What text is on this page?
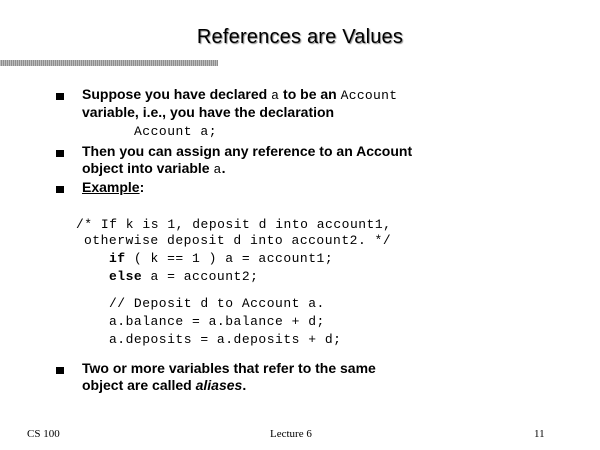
References are Values
Suppose you have declared a to be an Account
variable, i.e., you have the declaration
Account a;
Then you can assign any reference to an Account
object into variable a.
Example:
/* If k is 1, deposit d into account1,
otherwise deposit d into account2. */
if ( k == 1 ) a = account1;
else a = account2;
// Deposit d to Account a.
a.balance = a.balance + d;
a.deposits = a.deposits + d;
Two or more variables that refer to the same
object are called aliases.
CS 100	Lecture 6	11
